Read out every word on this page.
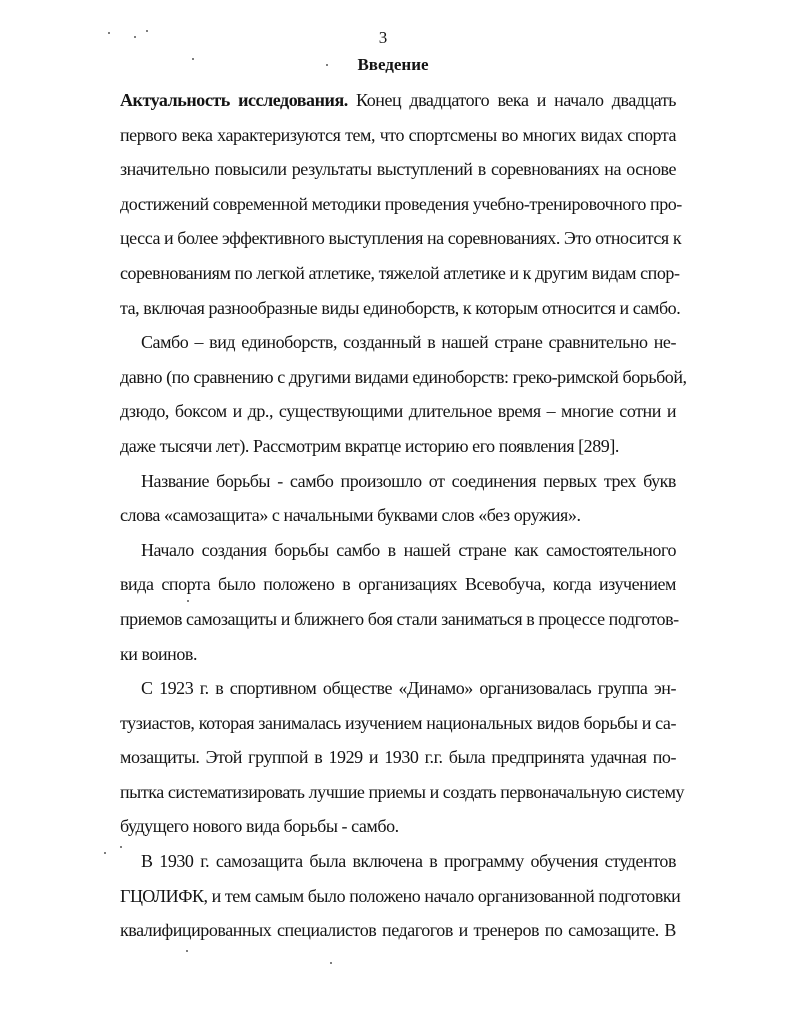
3
Введение
Актуальность исследования. Конец двадцатого века и начало двадцать
первого века характеризуются тем, что спортсмены во многих видах спорта
значительно повысили результаты выступлений в соревнованиях на основе
достижений современной методики проведения учебно-тренировочного про-
цесса и более эффективного выступления на соревнованиях. Это относится к
соревнованиям по легкой атлетике, тяжелой атлетике и к другим видам спор-
та, включая разнообразные виды единоборств, к которым относится и самбо.
Самбо – вид единоборств, созданный в нашей стране сравнительно не-
давно (по сравнению с другими видами единоборств: греко-римской борьбой,
дзюдо, боксом и др., существующими длительное время – многие сотни и
даже тысячи лет). Рассмотрим вкратце историю его появления [289].
Название борьбы - самбо произошло от соединения первых трех букв
слова «самозащита» с начальными буквами слов «без оружия».
Начало создания борьбы самбо в нашей стране как самостоятельного
вида спорта было положено в организациях Всевобуча, когда изучением
приемов самозащиты и ближнего боя стали заниматься в процессе подготов-
ки воинов.
С 1923 г. в спортивном обществе «Динамо» организовалась группа эн-
тузиастов, которая занималась изучением национальных видов борьбы и са-
мозащиты. Этой группой в 1929 и 1930 г.г. была предпринята удачная по-
пытка систематизировать лучшие приемы и создать первоначальную систему
будущего нового вида борьбы - самбо.
В 1930 г. самозащита была включена в программу обучения студентов
ГЦОЛИФК, и тем самым было положено начало организованной подготовки
квалифицированных специалистов педагогов и тренеров по самозащите. В
